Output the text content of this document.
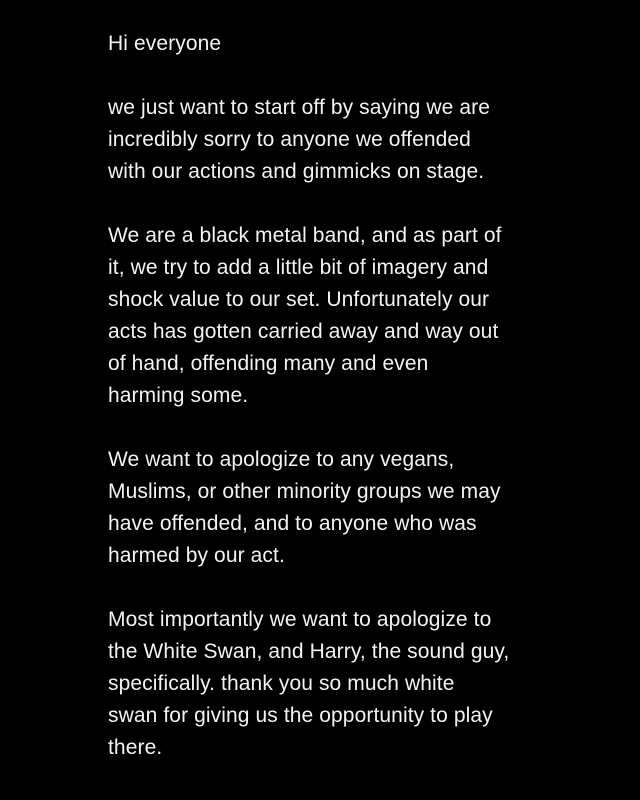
Hi everyone
we just want to start off by saying we are
incredibly sorry to anyone we offended
with our actions and gimmicks on stage.
We are a black metal band, and as part of
it, we try to add a little bit of imagery and
shock value to our set. Unfortunately our
acts has gotten carried away and way out
of hand, offending many and even
harming some.
We want to apologize to any vegans,
Muslims, or other minority groups we may
have offended, and to anyone who was
harmed by our act.
Most importantly we want to apologize to
the White Swan, and Harry, the sound guy,
specifically. thank you so much white
swan for giving us the opportunity to play
there.
